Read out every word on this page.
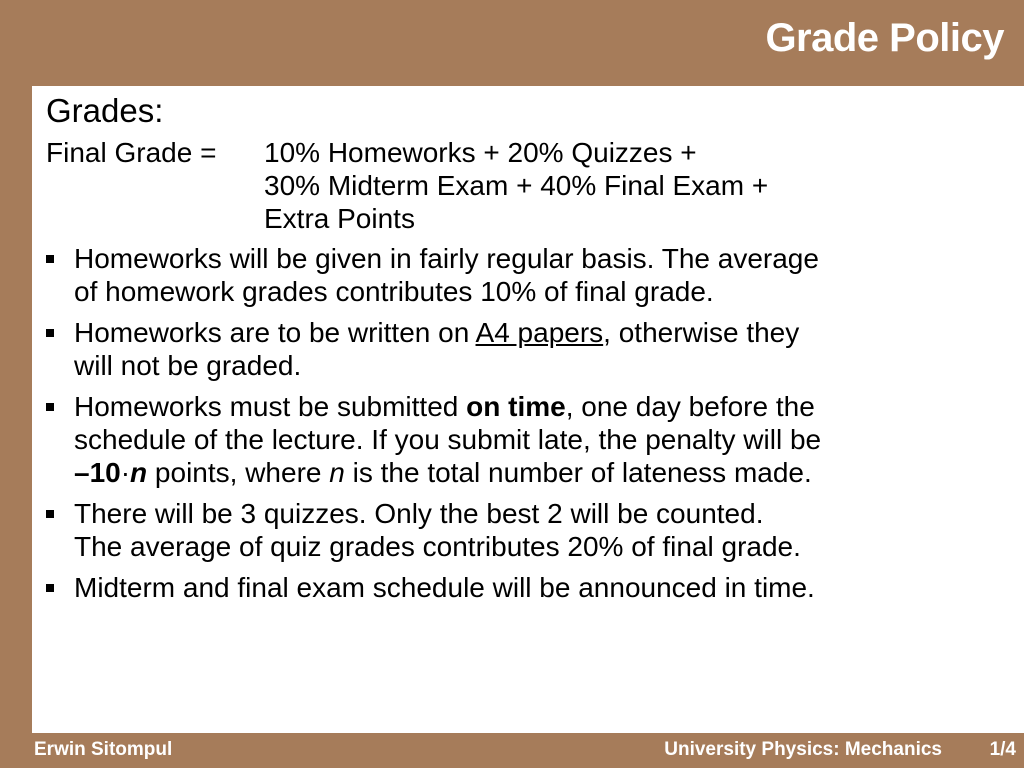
Grade Policy
Grades:
Final Grade =	10% Homeworks + 20% Quizzes +
30% Midterm Exam + 40% Final Exam +
Extra Points
Homeworks will be given in fairly regular basis. The average
of homework grades contributes 10% of final grade.
Homeworks are to be written on A4 papers, otherwise they
will not be graded.
Homeworks must be submitted on time, one day before the
schedule of the lecture. If you submit late, the penalty will be
–10·n points, where n is the total number of lateness made.
There will be 3 quizzes. Only the best 2 will be counted.
The average of quiz grades contributes 20% of final grade.
Midterm and final exam schedule will be announced in time.
Erwin Sitompul	University Physics: Mechanics	1/4
